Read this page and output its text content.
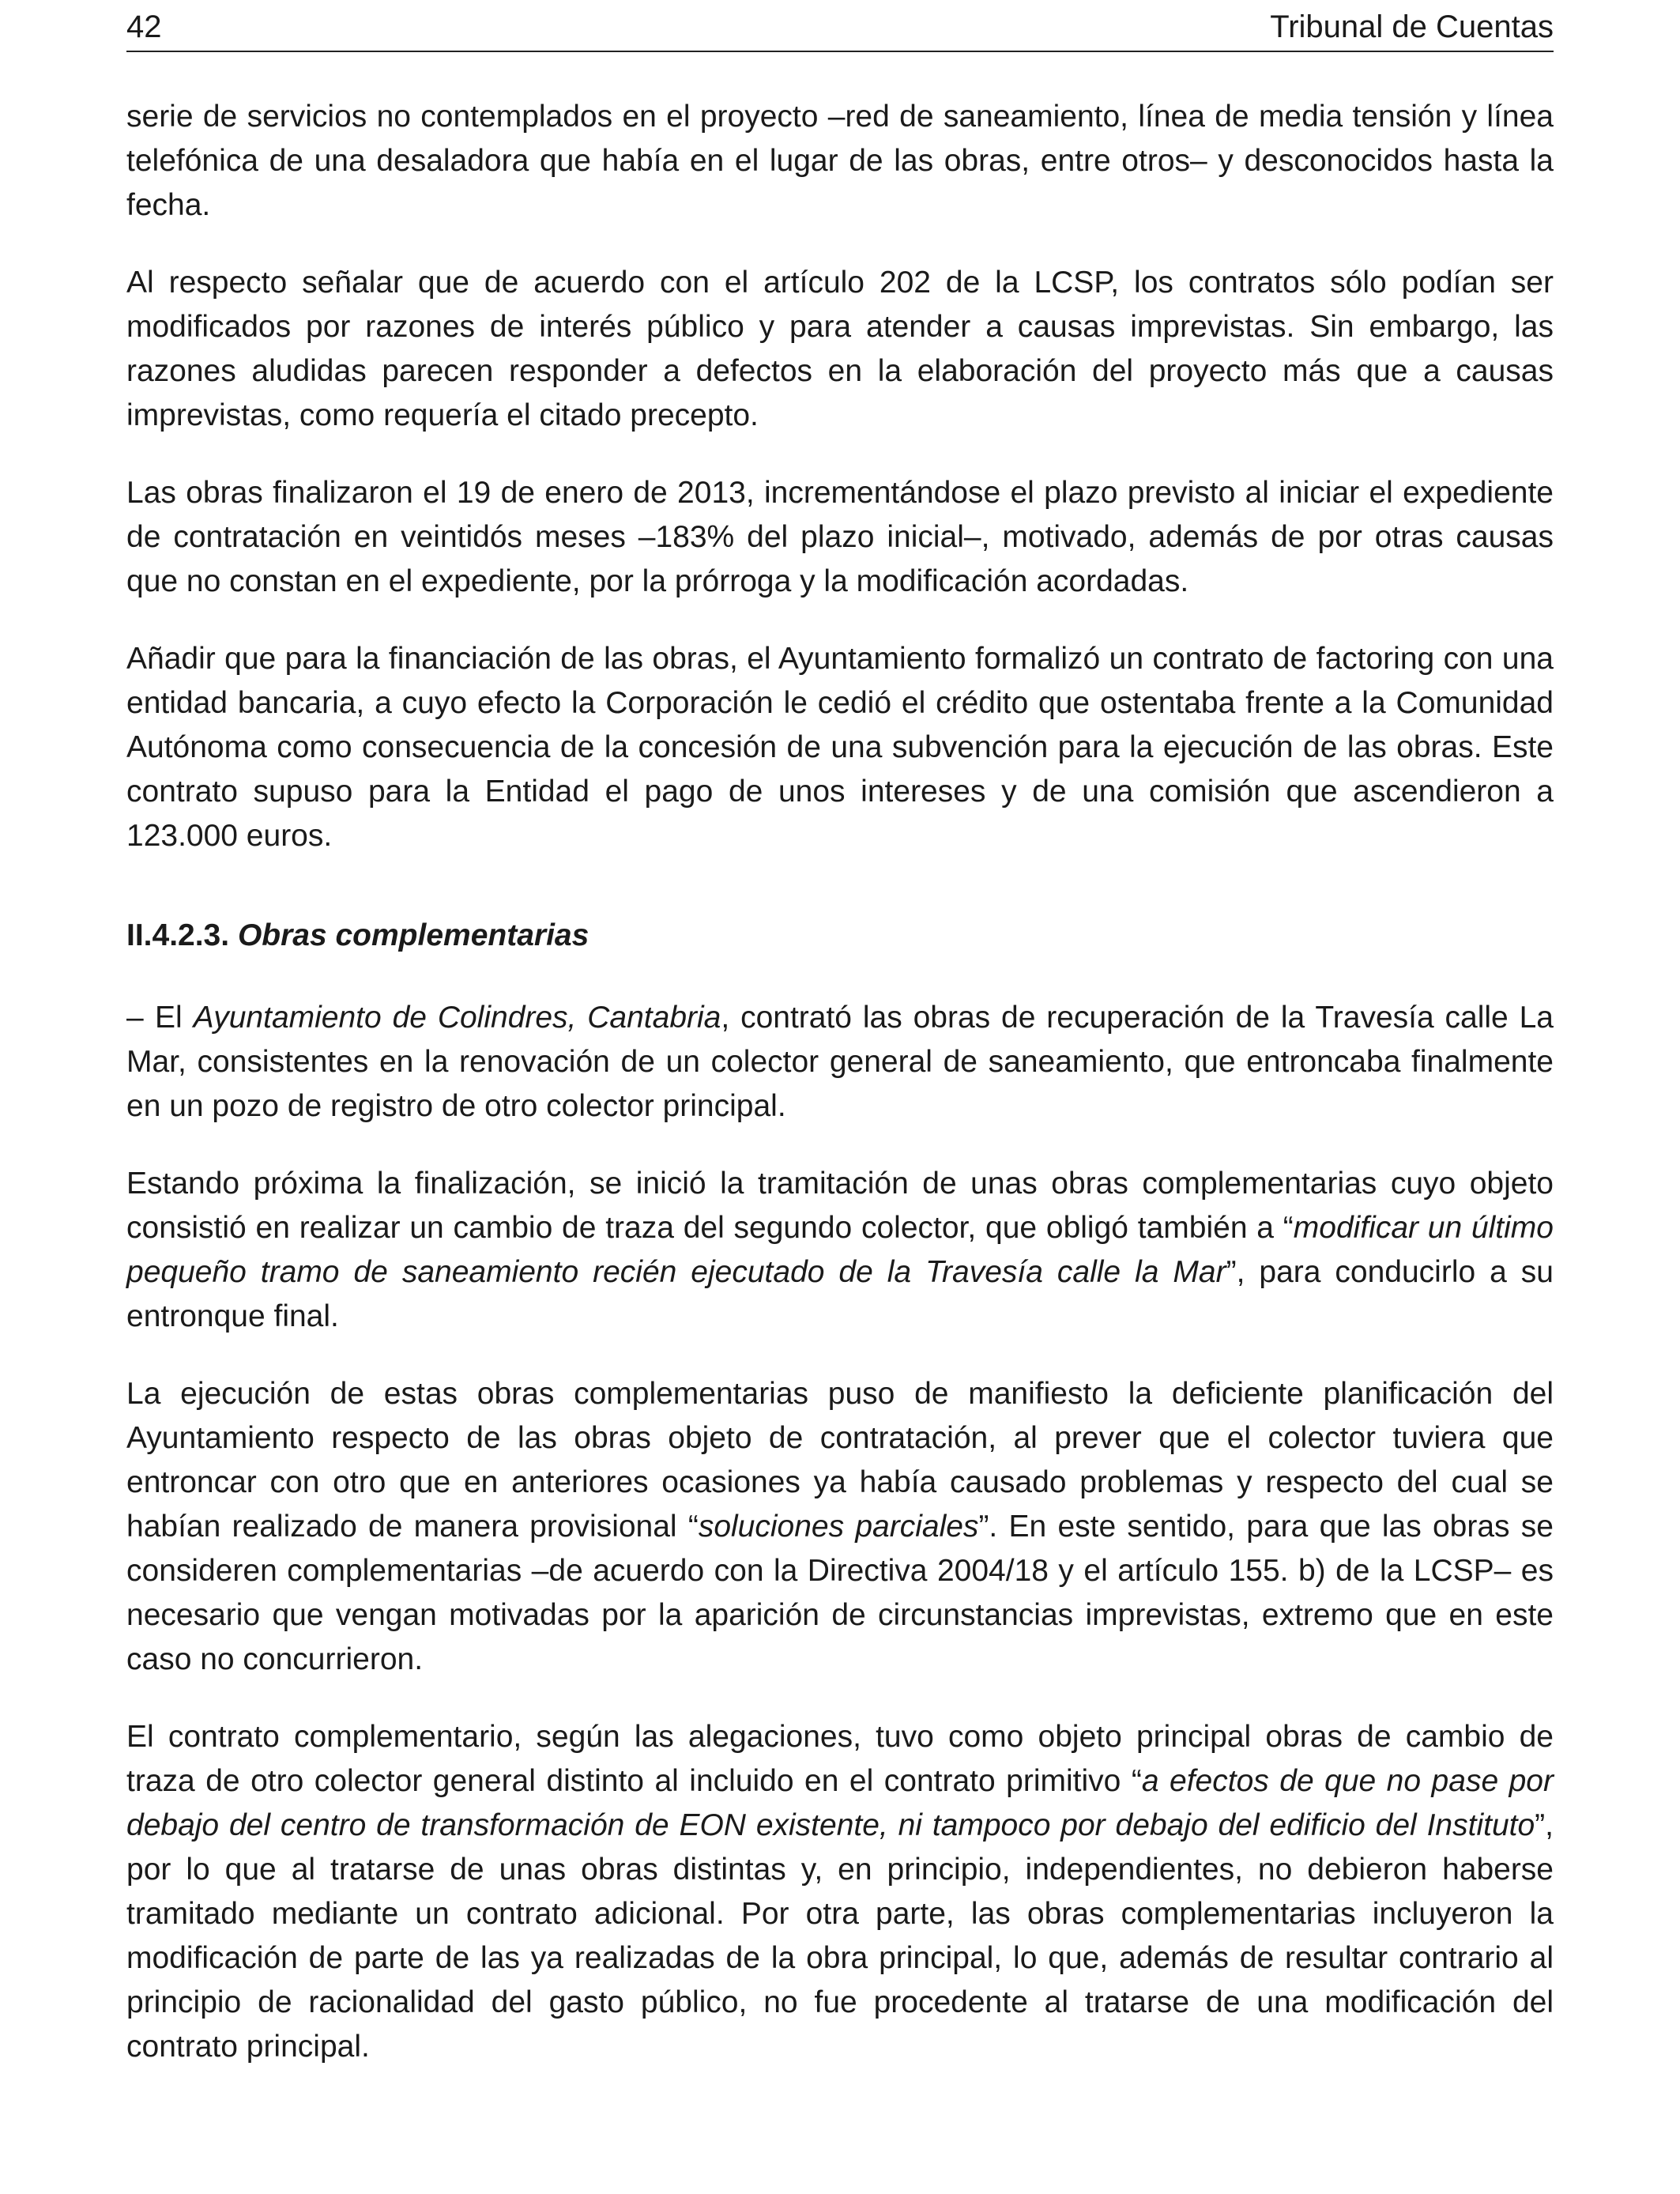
42	Tribunal de Cuentas

serie de servicios no contemplados en el proyecto –red de saneamiento, línea de media tensión y línea telefónica de una desaladora que había en el lugar de las obras, entre otros– y desconocidos hasta la fecha.

Al respecto señalar que de acuerdo con el artículo 202 de la LCSP, los contratos sólo podían ser modificados por razones de interés público y para atender a causas imprevistas. Sin embargo, las razones aludidas parecen responder a defectos en la elaboración del proyecto más que a causas imprevistas, como requería el citado precepto.

Las obras finalizaron el 19 de enero de 2013, incrementándose el plazo previsto al iniciar el expediente de contratación en veintidós meses –183% del plazo inicial–, motivado, además de por otras causas que no constan en el expediente, por la prórroga y la modificación acordadas.

Añadir que para la financiación de las obras, el Ayuntamiento formalizó un contrato de factoring con una entidad bancaria, a cuyo efecto la Corporación le cedió el crédito que ostentaba frente a la Comunidad Autónoma como consecuencia de la concesión de una subvención para la ejecución de las obras. Este contrato supuso para la Entidad el pago de unos intereses y de una comisión que ascendieron a 123.000 euros.

II.4.2.3. Obras complementarias

– El Ayuntamiento de Colindres, Cantabria, contrató las obras de recuperación de la Travesía calle La Mar, consistentes en la renovación de un colector general de saneamiento, que entroncaba finalmente en un pozo de registro de otro colector principal.

Estando próxima la finalización, se inició la tramitación de unas obras complementarias cuyo objeto consistió en realizar un cambio de traza del segundo colector, que obligó también a “modificar un último pequeño tramo de saneamiento recién ejecutado de la Travesía calle la Mar”, para conducirlo a su entronque final.

La ejecución de estas obras complementarias puso de manifiesto la deficiente planificación del Ayuntamiento respecto de las obras objeto de contratación, al prever que el colector tuviera que entroncar con otro que en anteriores ocasiones ya había causado problemas y respecto del cual se habían realizado de manera provisional “soluciones parciales”. En este sentido, para que las obras se consideren complementarias –de acuerdo con la Directiva 2004/18 y el artículo 155. b) de la LCSP– es necesario que vengan motivadas por la aparición de circunstancias imprevistas, extremo que en este caso no concurrieron.

El contrato complementario, según las alegaciones, tuvo como objeto principal obras de cambio de traza de otro colector general distinto al incluido en el contrato primitivo “a efectos de que no pase por debajo del centro de transformación de EON existente, ni tampoco por debajo del edificio del Instituto”, por lo que al tratarse de unas obras distintas y, en principio, independientes, no debieron haberse tramitado mediante un contrato adicional. Por otra parte, las obras complementarias incluyeron la modificación de parte de las ya realizadas de la obra principal, lo que, además de resultar contrario al principio de racionalidad del gasto público, no fue procedente al tratarse de una modificación del contrato principal.
